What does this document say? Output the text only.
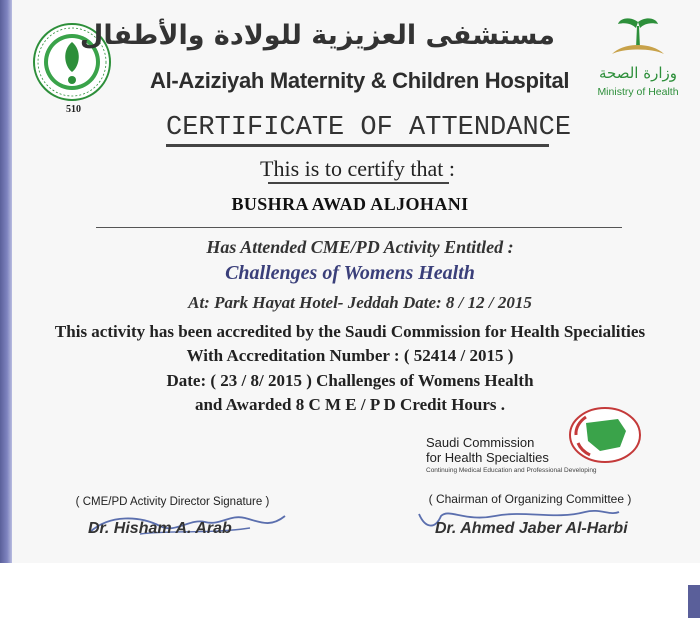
510
مستشفى العزيزية للولادة والأطفال
Al-Aziziyah Maternity & Children Hospital	وزارة الصحة
Ministry of Health
CERTIFICATE OF ATTENDANCE
This is to certify that :
BUSHRA AWAD ALJOHANI
Has Attended CME/PD Activity Entitled :
Challenges of Womens Health
At: Park Hayat Hotel- Jeddah Date: 8 / 12 / 2015
This activity has been accredited by the Saudi Commission for Health Specialities
With Accreditation Number : ( 52414 / 2015 )
Date: ( 23 / 8/ 2015 ) Challenges of Womens Health
and Awarded 8 C M E / P D Credit Hours .
Saudi Commission
for Health Specialties
Continuing Medical Education and Professional Developing
( CME/PD Activity Director Signature )
Dr. Hisham A. Arab
( Chairman of Organizing Committee )
Dr. Ahmed Jaber Al-Harbi
